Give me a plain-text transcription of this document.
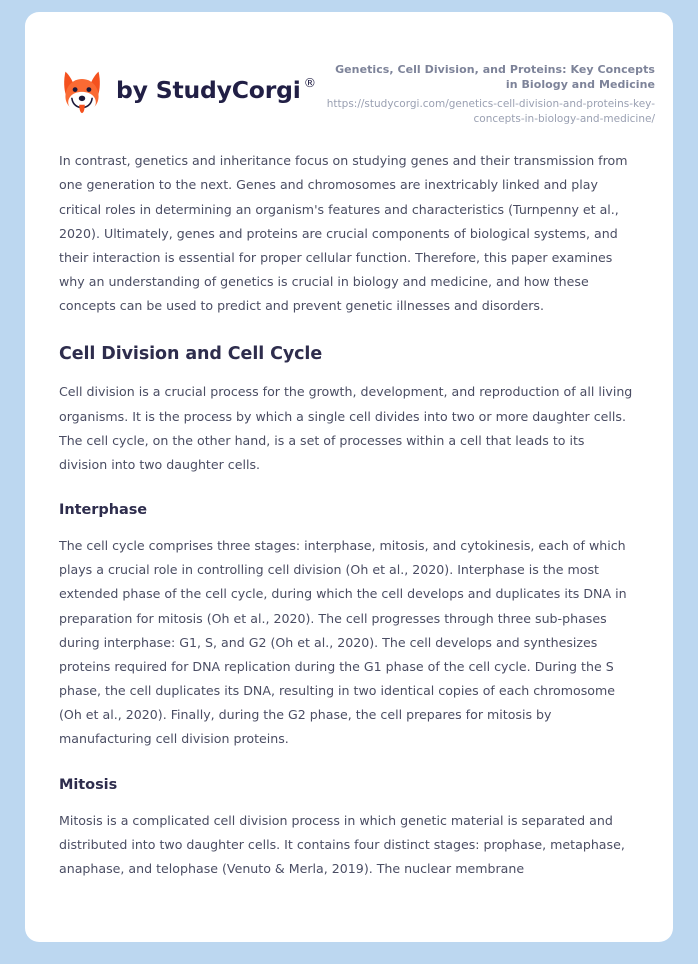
by StudyCorgi ®
Genetics, Cell Division, and Proteins: Key Concepts in Biology and Medicine
https://studycorgi.com/genetics-cell-division-and-proteins-key-concepts-in-biology-and-medicine/

In contrast, genetics and inheritance focus on studying genes and their transmission from one generation to the next. Genes and chromosomes are inextricably linked and play critical roles in determining an organism's features and characteristics (Turnpenny et al., 2020). Ultimately, genes and proteins are crucial components of biological systems, and their interaction is essential for proper cellular function. Therefore, this paper examines why an understanding of genetics is crucial in biology and medicine, and how these concepts can be used to predict and prevent genetic illnesses and disorders.

Cell Division and Cell Cycle

Cell division is a crucial process for the growth, development, and reproduction of all living organisms. It is the process by which a single cell divides into two or more daughter cells. The cell cycle, on the other hand, is a set of processes within a cell that leads to its division into two daughter cells.

Interphase

The cell cycle comprises three stages: interphase, mitosis, and cytokinesis, each of which plays a crucial role in controlling cell division (Oh et al., 2020). Interphase is the most extended phase of the cell cycle, during which the cell develops and duplicates its DNA in preparation for mitosis (Oh et al., 2020). The cell progresses through three sub-phases during interphase: G1, S, and G2 (Oh et al., 2020). The cell develops and synthesizes proteins required for DNA replication during the G1 phase of the cell cycle. During the S phase, the cell duplicates its DNA, resulting in two identical copies of each chromosome (Oh et al., 2020). Finally, during the G2 phase, the cell prepares for mitosis by manufacturing cell division proteins.

Mitosis

Mitosis is a complicated cell division process in which genetic material is separated and distributed into two daughter cells. It contains four distinct stages: prophase, metaphase, anaphase, and telophase (Venuto & Merla, 2019). The nuclear membrane
